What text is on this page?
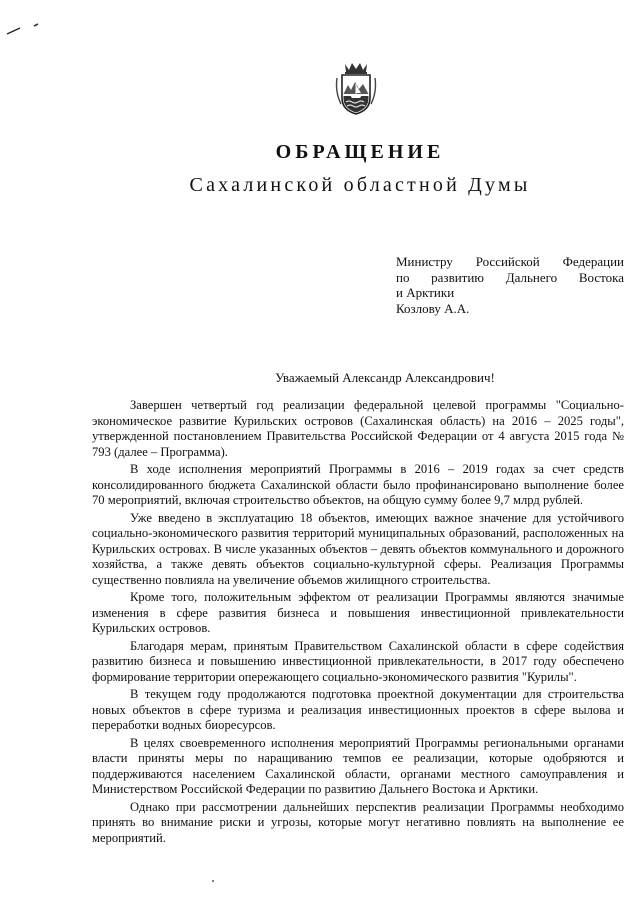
ОБРАЩЕНИЕ
Сахалинской областной Думы
Министру Российской Федерации
по развитию Дальнего Востока
и Арктики
Козлову А.А.
Уважаемый Александр Александрович!

Завершен четвертый год реализации федеральной целевой программы "Социально-экономическое развитие Курильских островов (Сахалинская область) на 2016 – 2025 годы", утвержденной постановлением Правительства Российской Федерации от 4 августа 2015 года № 793 (далее – Программа).

В ходе исполнения мероприятий Программы в 2016 – 2019 годах за счет средств консолидированного бюджета Сахалинской области было профинансировано выполнение более 70 мероприятий, включая строительство объектов, на общую сумму более 9,7 млрд рублей.

Уже введено в эксплуатацию 18 объектов, имеющих важное значение для устойчивого социально-экономического развития территорий муниципальных образований, расположенных на Курильских островах. В числе указанных объектов – девять объектов коммунального и дорожного хозяйства, а также девять объектов социально-культурной сферы. Реализация Программы существенно повлияла на увеличение объемов жилищного строительства.

Кроме того, положительным эффектом от реализации Программы являются значимые изменения в сфере развития бизнеса и повышения инвестиционной привлекательности Курильских островов.

Благодаря мерам, принятым Правительством Сахалинской области в сфере содействия развитию бизнеса и повышению инвестиционной привлекательности, в 2017 году обеспечено формирование территории опережающего социально-экономического развития "Курилы".

В текущем году продолжаются подготовка проектной документации для строительства новых объектов в сфере туризма и реализация инвестиционных проектов в сфере вылова и переработки водных биоресурсов.

В целях своевременного исполнения мероприятий Программы региональными органами власти приняты меры по наращиванию темпов ее реализации, которые одобряются и поддерживаются населением Сахалинской области, органами местного самоуправления и Министерством Российской Федерации по развитию Дальнего Востока и Арктики.

Однако при рассмотрении дальнейших перспектив реализации Программы необходимо принять во внимание риски и угрозы, которые могут негативно повлиять на выполнение ее мероприятий.
